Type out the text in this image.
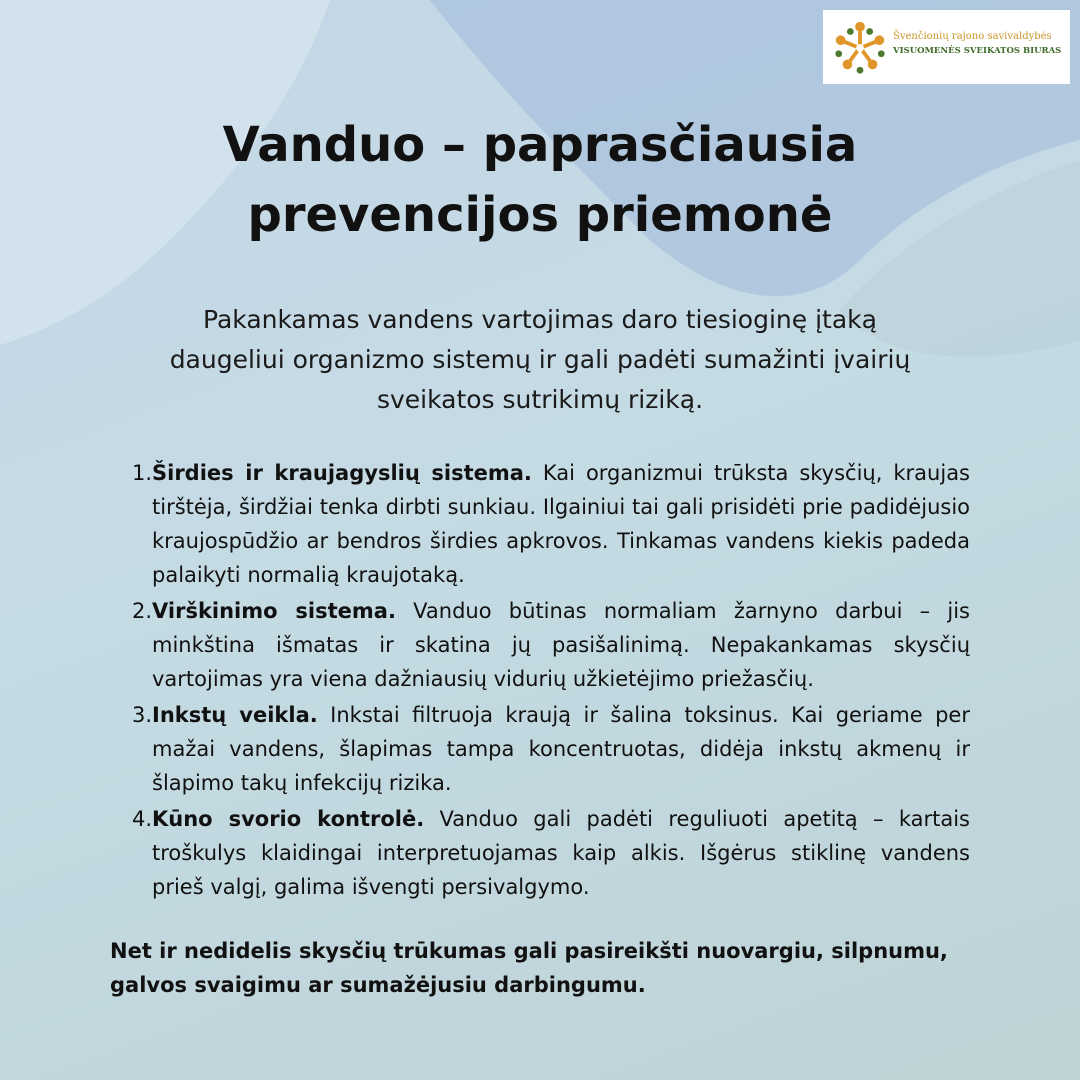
Švenčionių rajono savivaldybės
VISUOMENĖS SVEIKATOS BIURAS
Vanduo – paprasčiausia
prevencijos priemonė

Pakankamas vandens vartojimas daro tiesioginę įtaką
daugeliui organizmo sistemų ir gali padėti sumažinti įvairių
sveikatos sutrikimų riziką.

1. Širdies ir kraujagyslių sistema. Kai organizmui trūksta skysčių, kraujas tirštėja, širdžiai tenka dirbti sunkiau. Ilgainiui tai gali prisidėti prie padidėjusio kraujospūdžio ar bendros širdies apkrovos. Tinkamas vandens kiekis padeda palaikyti normalią kraujotaką.
2. Virškinimo sistema. Vanduo būtinas normaliam žarnyno darbui – jis minkština išmatas ir skatina jų pasišalinimą. Nepakankamas skysčių vartojimas yra viena dažniausių vidurių užkietėjimo priežasčių.
3. Inkstų veikla. Inkstai filtruoja kraują ir šalina toksinus. Kai geriame per mažai vandens, šlapimas tampa koncentruotas, didėja inkstų akmenų ir šlapimo takų infekcijų rizika.
4. Kūno svorio kontrolė. Vanduo gali padėti reguliuoti apetitą – kartais troškulys klaidingai interpretuojamas kaip alkis. Išgėrus stiklinę vandens prieš valgį, galima išvengti persivalgymo.

Net ir nedidelis skysčių trūkumas gali pasireikšti nuovargiu, silpnumu, galvos svaigimu ar sumažėjusiu darbingumu.
